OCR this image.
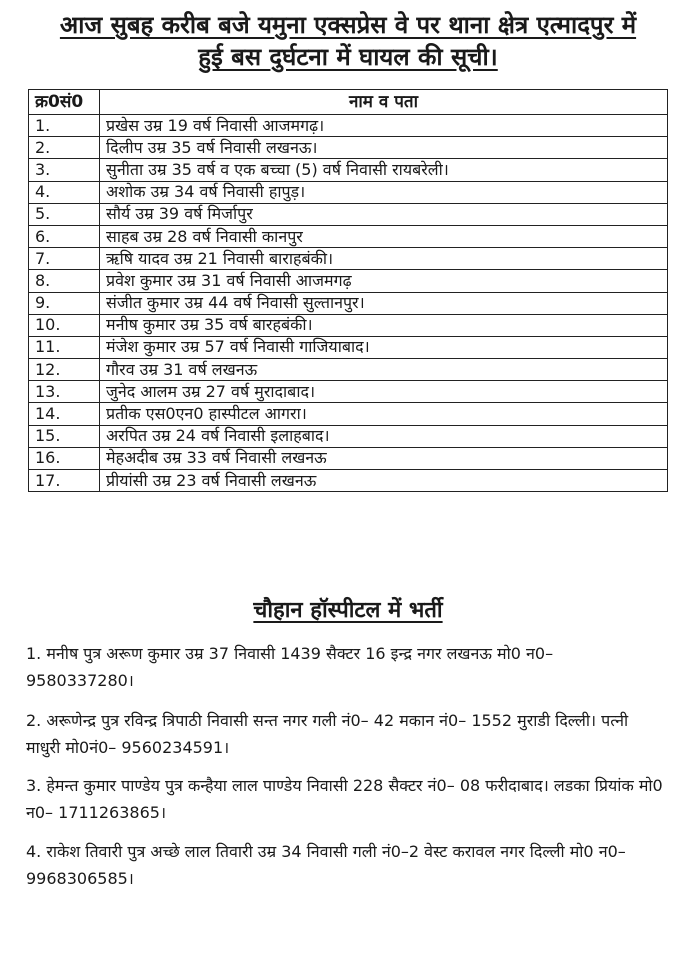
आज सुबह करीब बजे यमुना एक्सप्रेस वे पर थाना क्षेत्र एत्मादपुर में
हुई बस दुर्घटना में घायल की सूची।
क्र0सं0	नाम व पता
1.	प्रखेस उम्र 19 वर्ष निवासी आजमगढ़।
2.	दिलीप उम्र 35 वर्ष निवासी लखनऊ।
3.	सुनीता उम्र 35 वर्ष व एक बच्चा (5) वर्ष निवासी रायबरेली।
4.	अशोक उम्र 34 वर्ष निवासी हापुड़।
5.	सौर्य उम्र 39 वर्ष मिर्जापुर
6.	साहब उम्र 28 वर्ष निवासी कानपुर
7.	ऋषि यादव उम्र 21 निवासी बाराहबंकी।
8.	प्रवेश कुमार उम्र 31 वर्ष निवासी आजमगढ़
9.	संजीत कुमार उम्र 44 वर्ष निवासी सुल्तानपुर।
10.	मनीष कुमार उम्र 35 वर्ष बारहबंकी।
11.	मंजेश कुमार उम्र 57 वर्ष निवासी गाजियाबाद।
12.	गौरव उम्र 31 वर्ष लखनऊ
13.	जुनेद आलम उम्र 27 वर्ष मुरादाबाद।
14.	प्रतीक एस0एन0 हास्पीटल आगरा।
15.	अरपित उम्र 24 वर्ष निवासी इलाहबाद।
16.	मेहअदीब उम्र 33 वर्ष निवासी लखनऊ
17.	प्रीयांसी उम्र 23 वर्ष निवासी लखनऊ
चौहान हॉस्पीटल में भर्ती
1. मनीष पुत्र अरूण कुमार उम्र 37 निवासी 1439 सैक्टर 16 इन्द्र नगर लखनऊ मो0 न0– 9580337280।
2. अरूणेन्द्र पुत्र रविन्द्र त्रिपाठी निवासी सन्त नगर गली नं0– 42 मकान नं0– 1552 मुराडी दिल्ली। पत्नी माधुरी मो0नं0– 9560234591।
3. हेमन्त कुमार पाण्डेय पुत्र कन्हैया लाल पाण्डेय निवासी 228 सैक्टर नं0– 08 फरीदाबाद। लडका प्रियांक मो0 न0– 1711263865।
4. राकेश तिवारी पुत्र अच्छे लाल तिवारी उम्र 34 निवासी गली नं0–2 वेस्ट करावल नगर दिल्ली मो0 न0– 9968306585।
